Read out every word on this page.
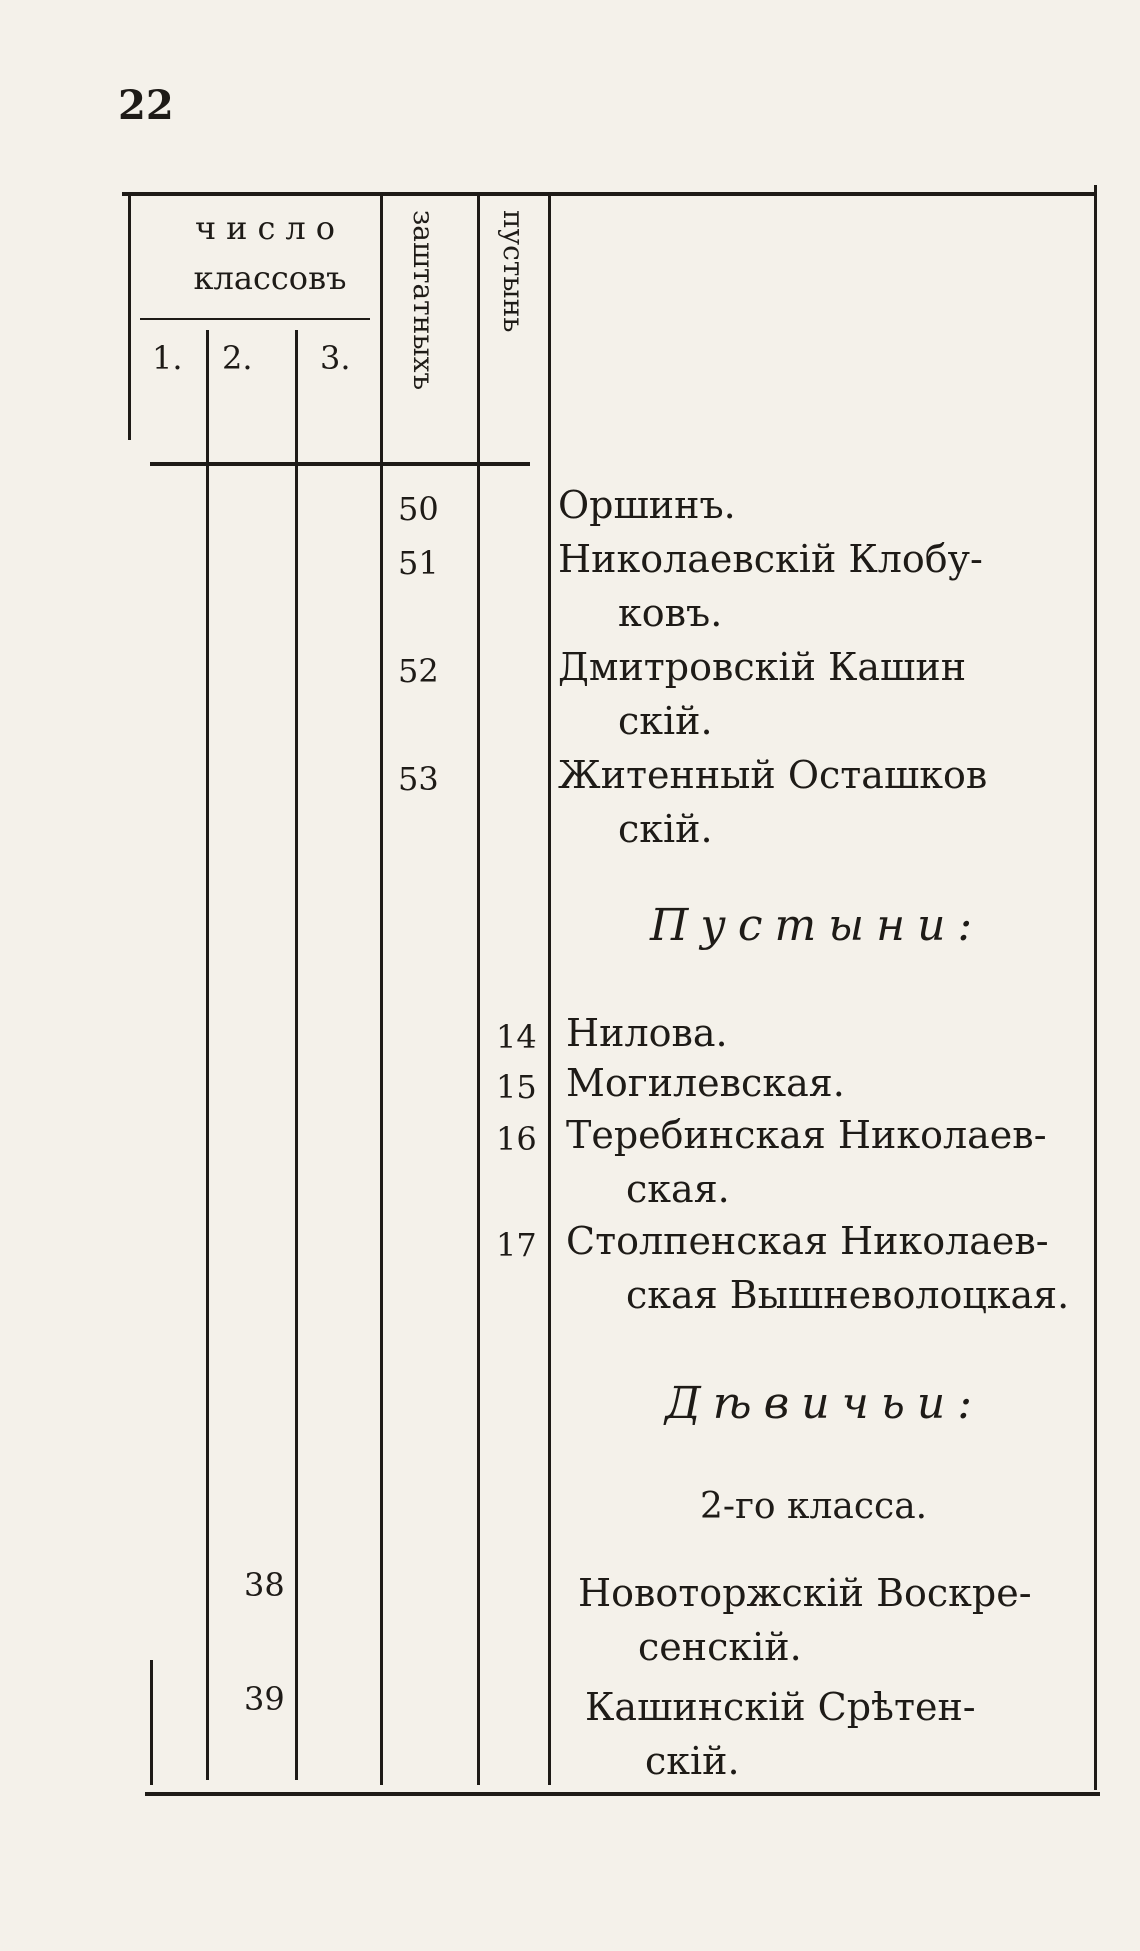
22
число
классовъ
1. 2. 3. заштатныхъ пустынь
50	Оршинъ.
51	Николаевскій Клобу-
ковъ.
52	Дмитровскій Кашин
скій.
53	Житенный Осташков
скій.
Пустыни:
14 Нилова.
15 Могилевская.
16 Теребинская Николаев-
ская.
17 Столпенская Николаев-
ская Вышневолоцкая.
Дѣвичьи:
2-го класса.
38	Новоторжскій Воскре-
сенскій.
39	Кашинскій Срѣтен-
скій.
